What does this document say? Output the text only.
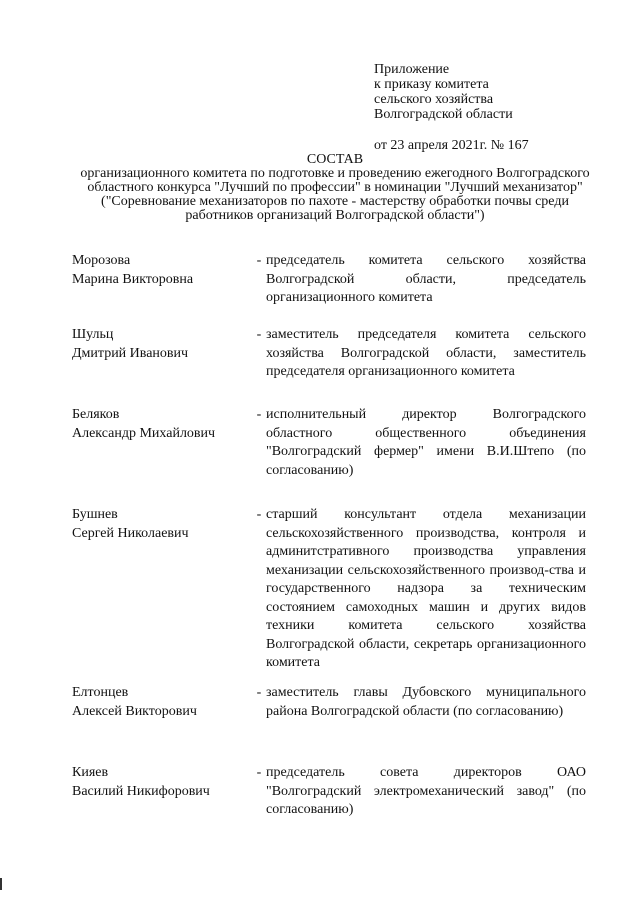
Приложение
к приказу комитета
сельского хозяйства
Волгоградской области
от 23 апреля 2021г. № 167
СОСТАВ
организационного комитета по подготовке и проведению ежегодного Волгоградского областного конкурса "Лучший по профессии" в номинации "Лучший механизатор" ("Соревнование механизаторов по пахоте - мастерству обработки почвы среди работников организаций Волгоградской области")
Морозова
Марина Викторовна
- председатель комитета сельского хозяйства Волгоградской области, председатель организационного комитета
Шульц
Дмитрий Иванович
- заместитель председателя комитета сельского хозяйства Волгоградской области, заместитель председателя организационного комитета
Беляков
Александр Михайлович
- исполнительный директор Волгоградского областного общественного объединения "Волгоградский фермер" имени В.И.Штепо (по согласованию)
Бушнев
Сергей Николаевич
- старший консультант отдела механизации сельскохозяйственного производства, контроля и админитстративного производства управления механизации сельскохозяйственного производ-ства и государственного надзора за техническим состоянием самоходных машин и других видов техники комитета сельского хозяйства Волгоградской области, секретарь организационного комитета
Елтонцев
Алексей Викторович
- заместитель главы Дубовского муниципального района Волгоградской области (по согласованию)
Кияев
Василий Никифорович
- председатель совета директоров ОАО "Волгоградский электромеханический завод" (по согласованию)
